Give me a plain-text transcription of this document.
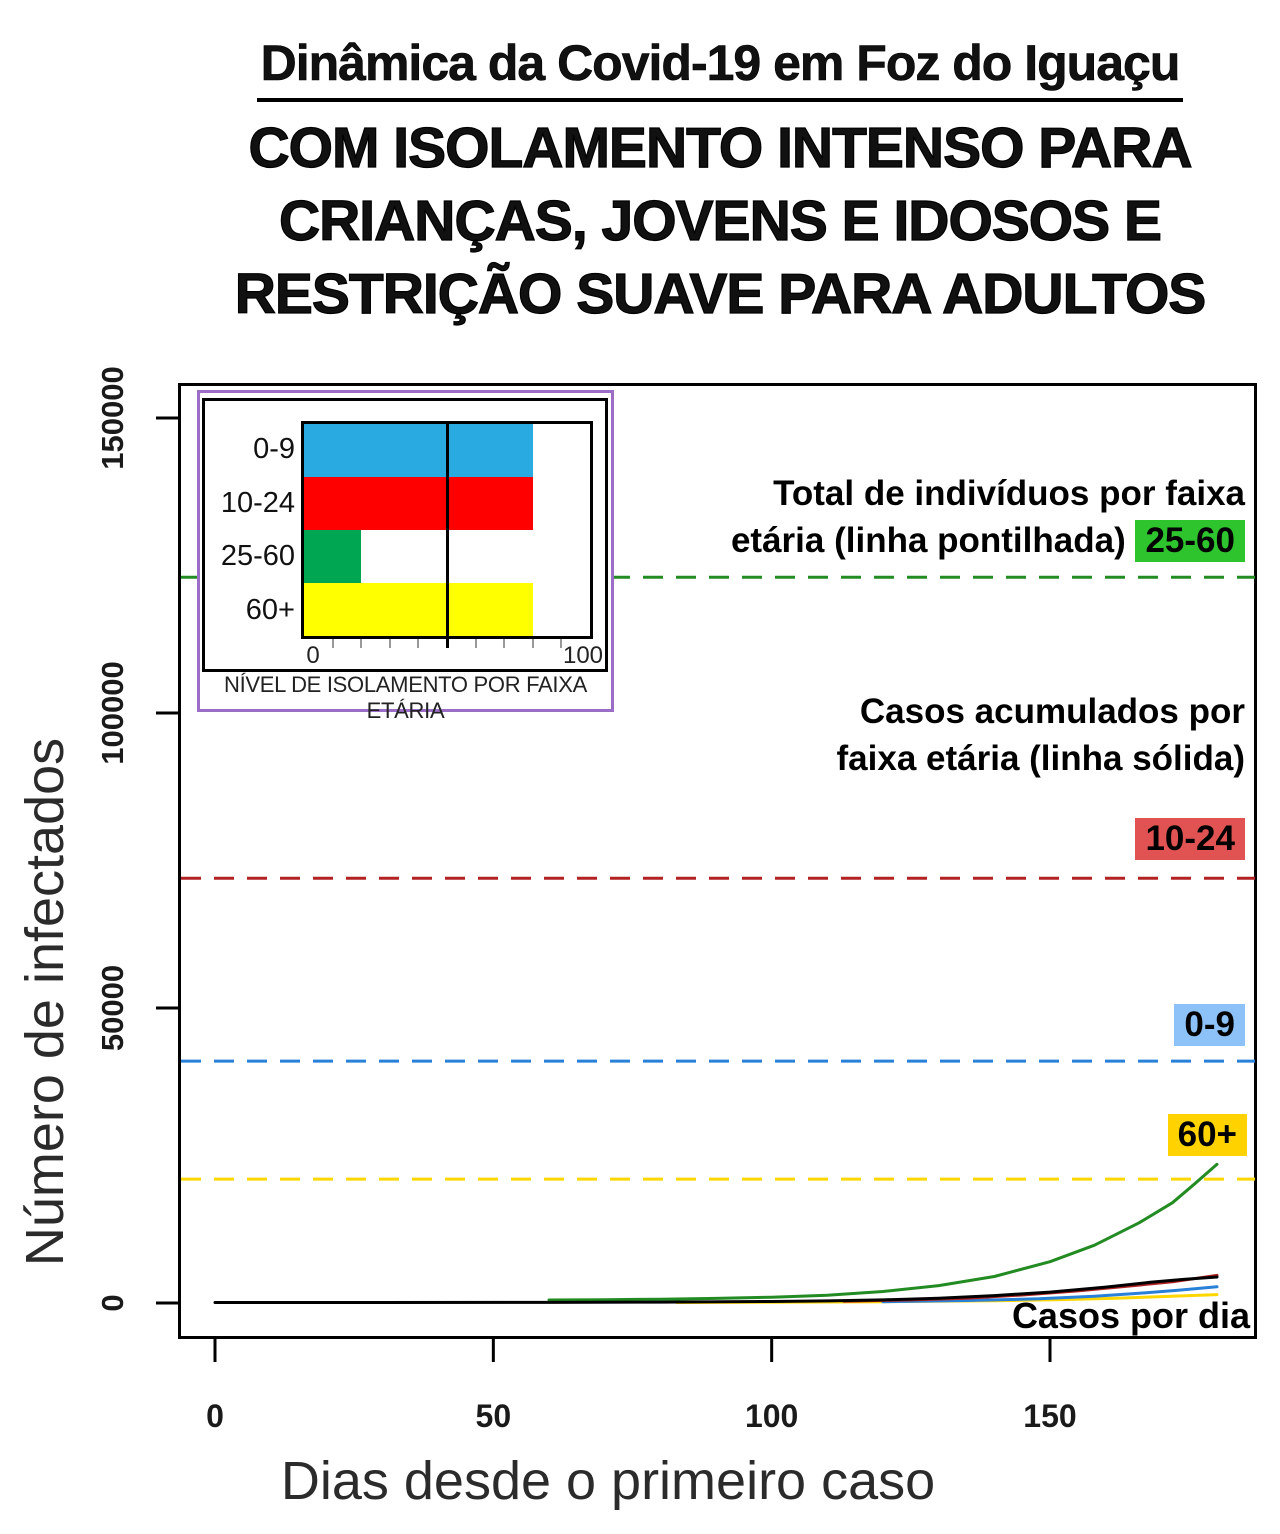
Dinâmica da Covid-19 em Foz do Iguaçu
COM ISOLAMENTO INTENSO PARA
CRIANÇAS, JOVENS E IDOSOS E
RESTRIÇÃO SUAVE PARA ADULTOS
Número de infectados
Dias desde o primeiro caso
0	100
0-9
10-24
25-60
60+
NÍVEL DE ISOLAMENTO POR FAIXA ETÁRIA
Total de indivíduos por faixa
etária (linha pontilhada) 25-60
Casos acumulados por
faixa etária (linha sólida)
10-24
0-9
60+
Casos por dia
0	50	100	150
0
50000
100000
150000
